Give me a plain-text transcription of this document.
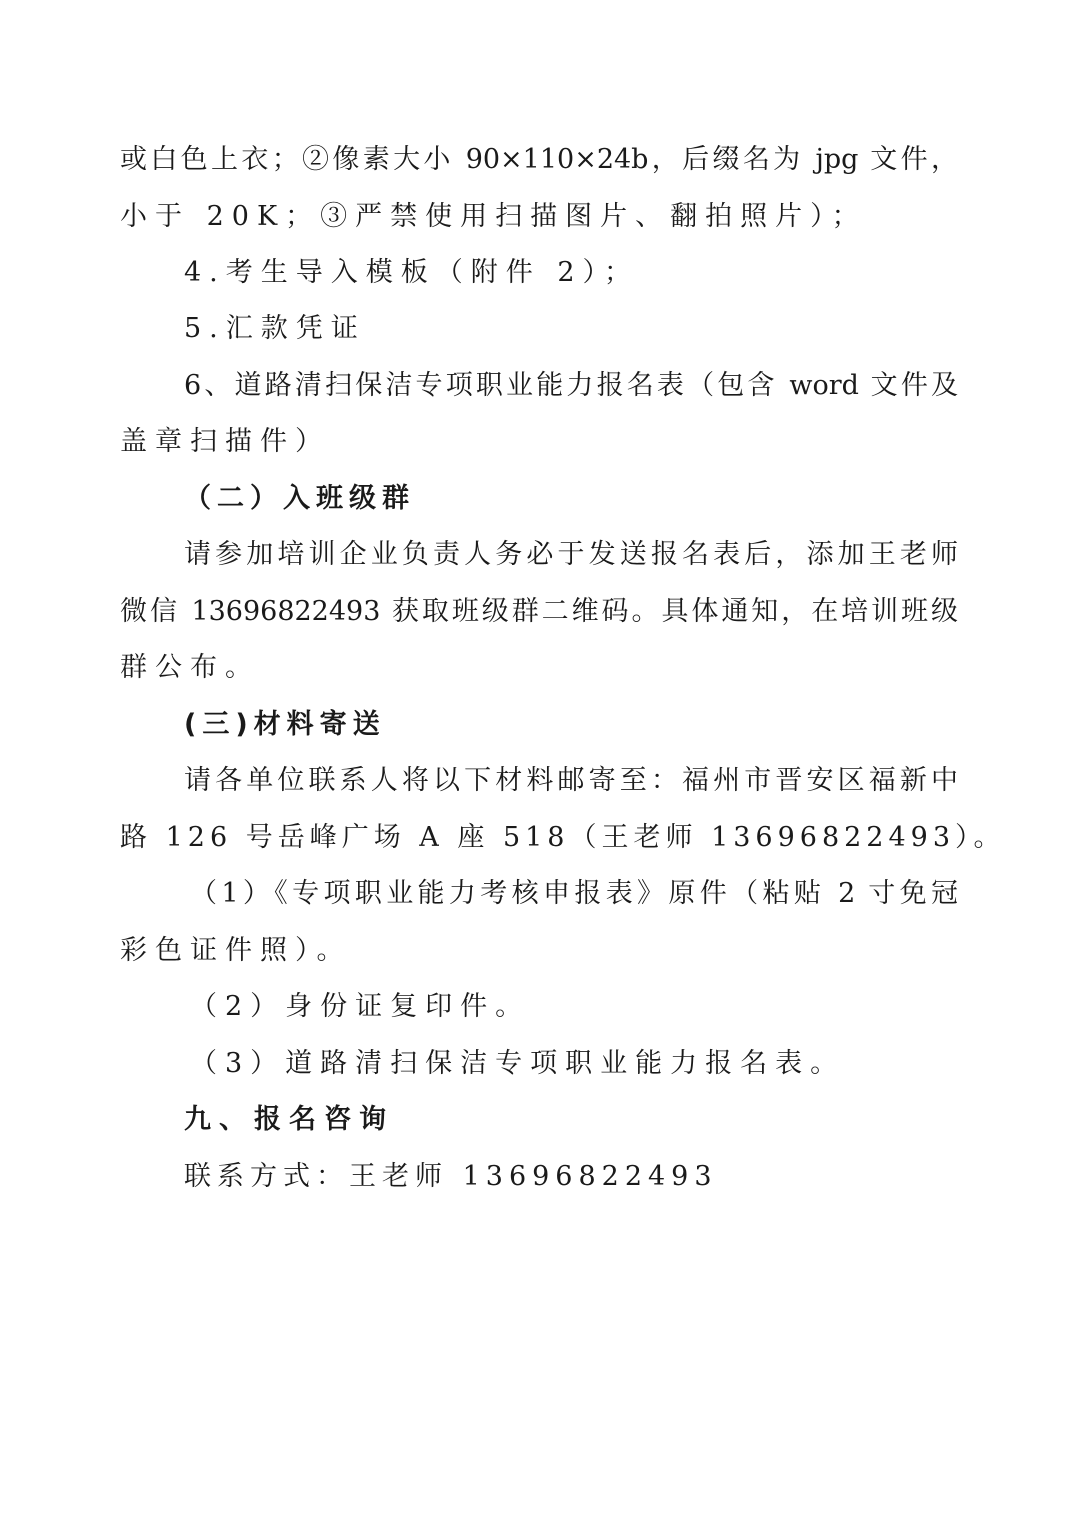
或白色上衣；②像素大小 90×110×24b，后缀名为 jpg 文件，
小于 20K；③严禁使用扫描图片、翻拍照片）；
4.考生导入模板（附件 2）；
5.汇款凭证
6、道路清扫保洁专项职业能力报名表（包含 word 文件及
盖章扫描件）
（二）入班级群
请参加培训企业负责人务必于发送报名表后，添加王老师
微信 13696822493 获取班级群二维码。具体通知，在培训班级
群公布。
(三)材料寄送
请各单位联系人将以下材料邮寄至：福州市晋安区福新中
路 126 号岳峰广场 A 座 518（王老师 13696822493）。
（1）《专项职业能力考核申报表》原件（粘贴 2 寸免冠
彩色证件照）。
（2）身份证复印件。
（3）道路清扫保洁专项职业能力报名表。
九、报名咨询
联系方式：王老师 13696822493
